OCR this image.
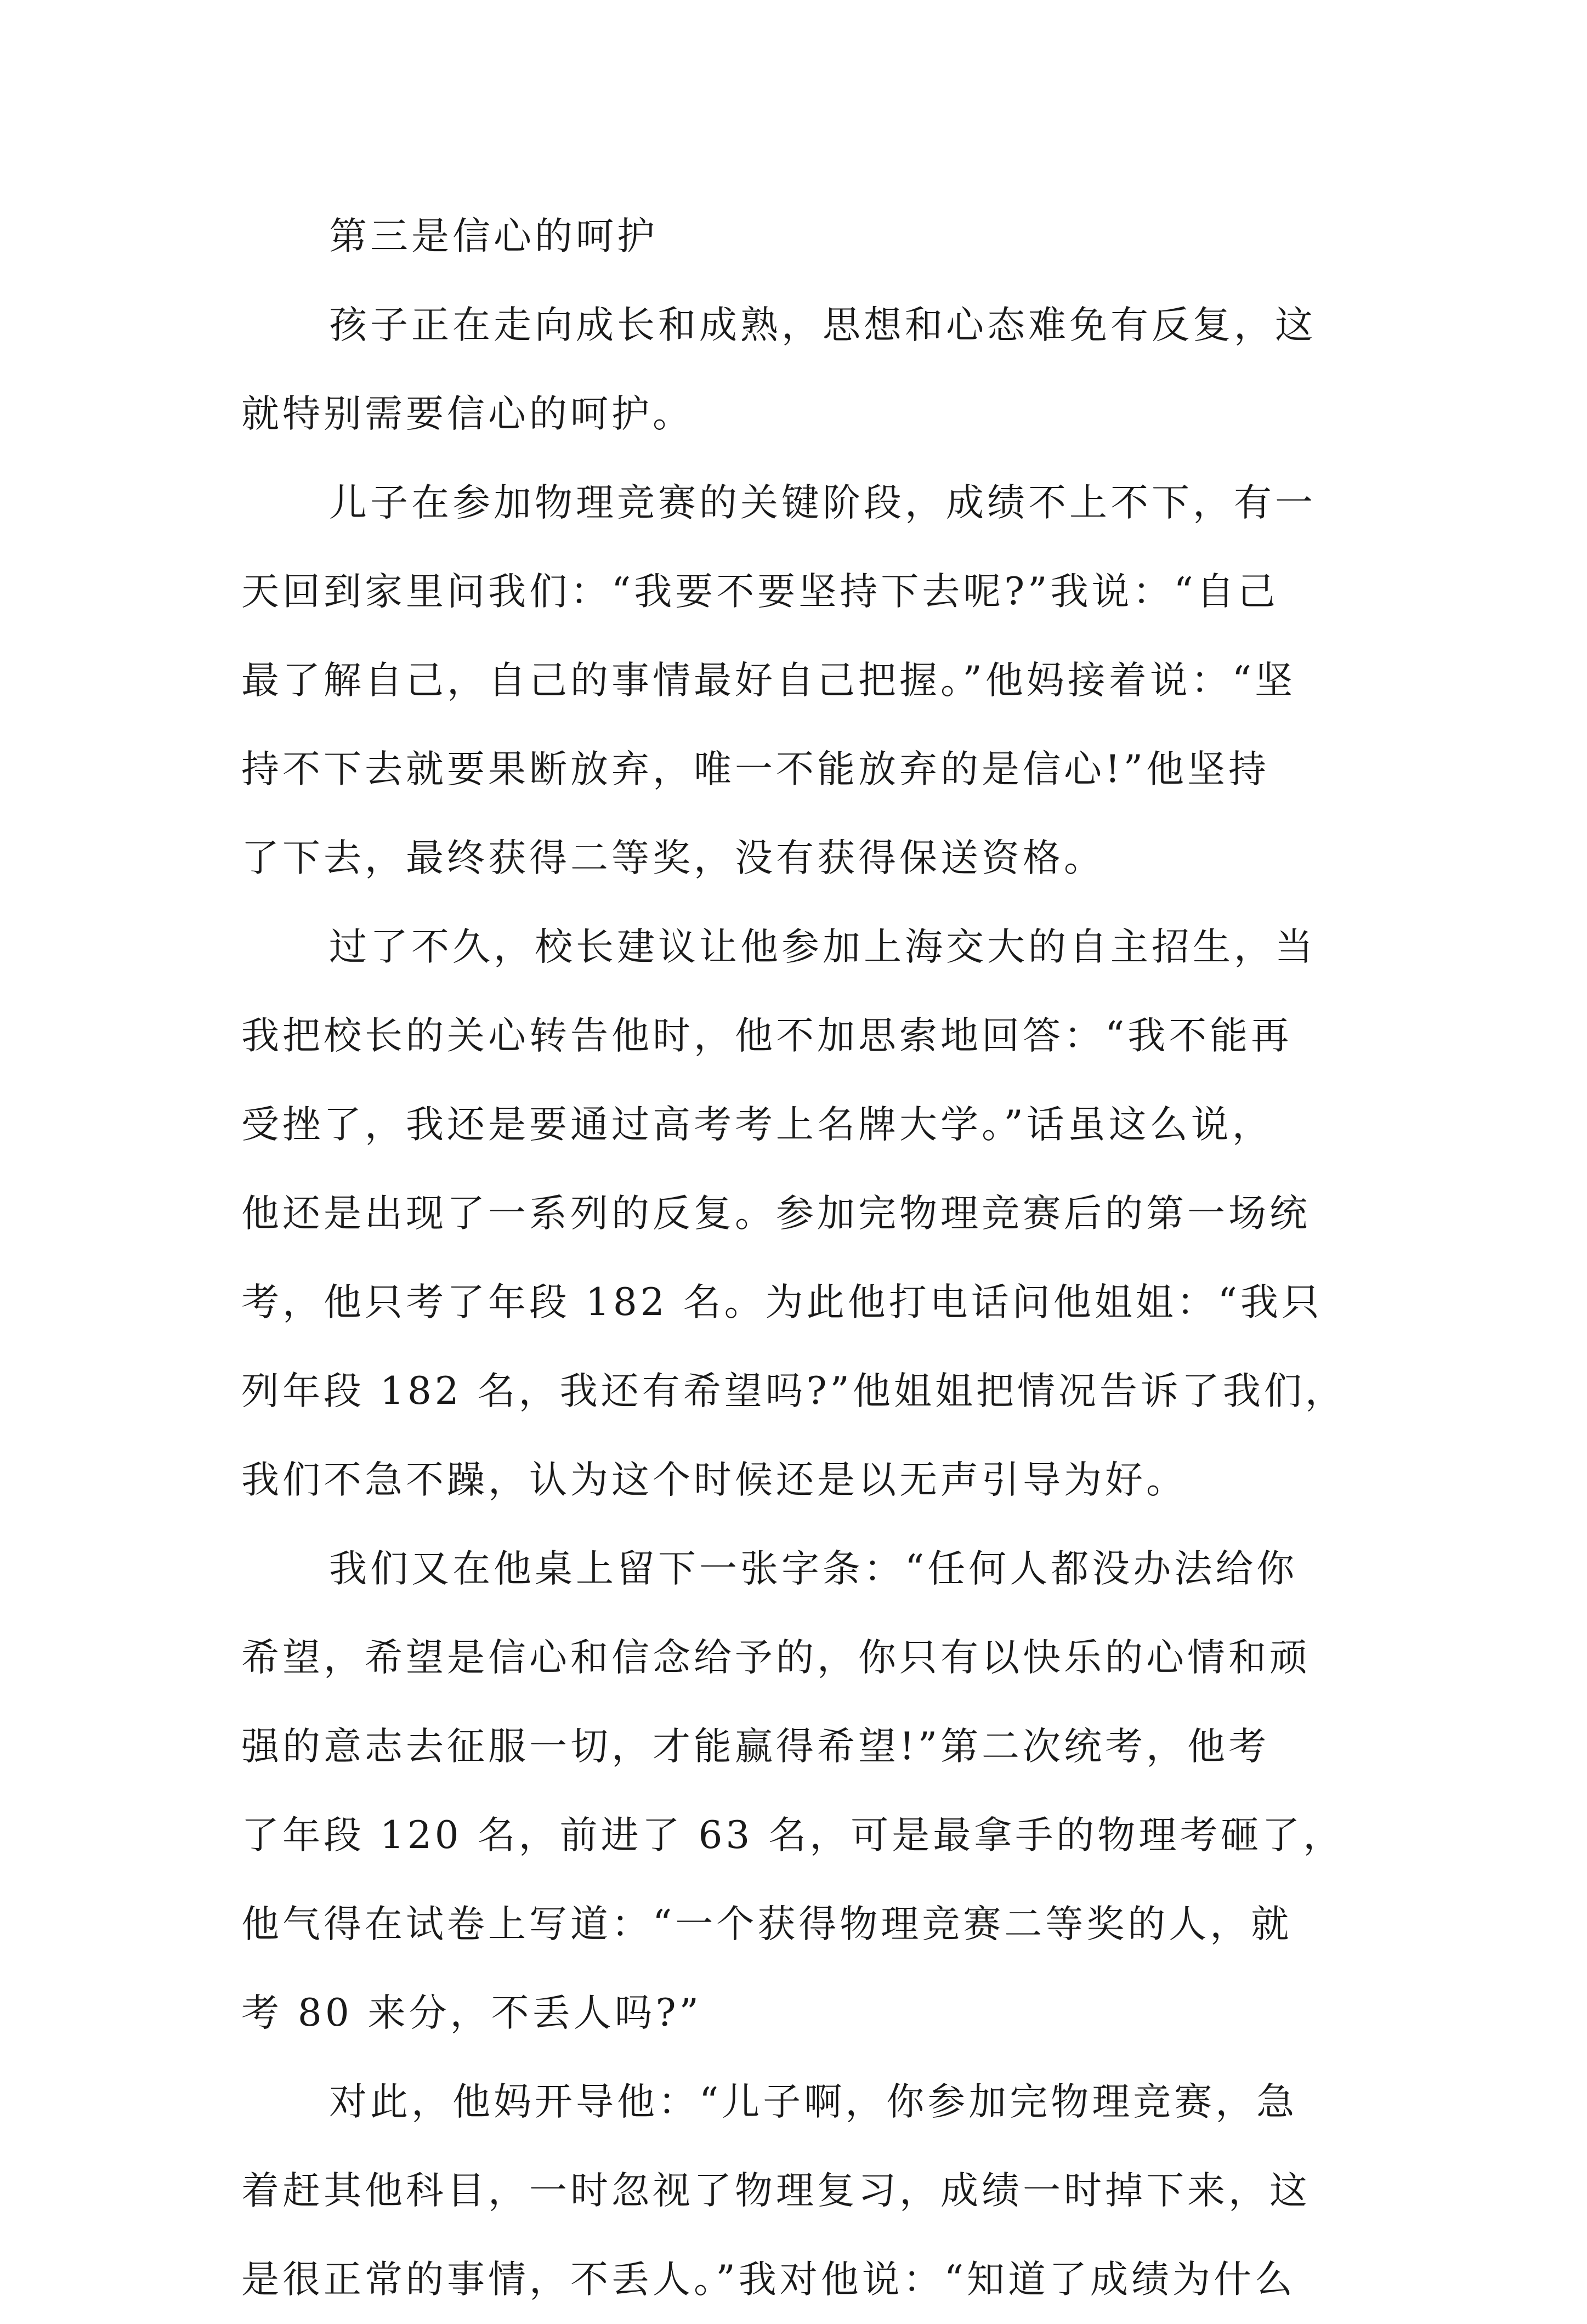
第三是信心的呵护
孩子正在走向成长和成熟，思想和心态难免有反复，这
就特别需要信心的呵护。
儿子在参加物理竞赛的关键阶段，成绩不上不下，有一
天回到家里问我们：“我要不要坚持下去呢?”我说：“自己
最了解自己，自己的事情最好自己把握。”他妈接着说：“坚
持不下去就要果断放弃，唯一不能放弃的是信心!”他坚持
了下去，最终获得二等奖，没有获得保送资格。
过了不久，校长建议让他参加上海交大的自主招生，当
我把校长的关心转告他时，他不加思索地回答：“我不能再
受挫了，我还是要通过高考考上名牌大学。”话虽这么说，
他还是出现了一系列的反复。参加完物理竞赛后的第一场统
考，他只考了年段 182 名。为此他打电话问他姐姐：“我只
列年段 182 名，我还有希望吗?”他姐姐把情况告诉了我们，
我们不急不躁，认为这个时候还是以无声引导为好。
我们又在他桌上留下一张字条：“任何人都没办法给你
希望，希望是信心和信念给予的，你只有以快乐的心情和顽
强的意志去征服一切，才能赢得希望!”第二次统考，他考
了年段 120 名，前进了 63 名，可是最拿手的物理考砸了，
他气得在试卷上写道：“一个获得物理竞赛二等奖的人，就
考 80 来分，不丢人吗?”
对此，他妈开导他：“儿子啊，你参加完物理竞赛，急
着赶其他科目，一时忽视了物理复习，成绩一时掉下来，这
是很正常的事情，不丢人。”我对他说：“知道了成绩为什么
